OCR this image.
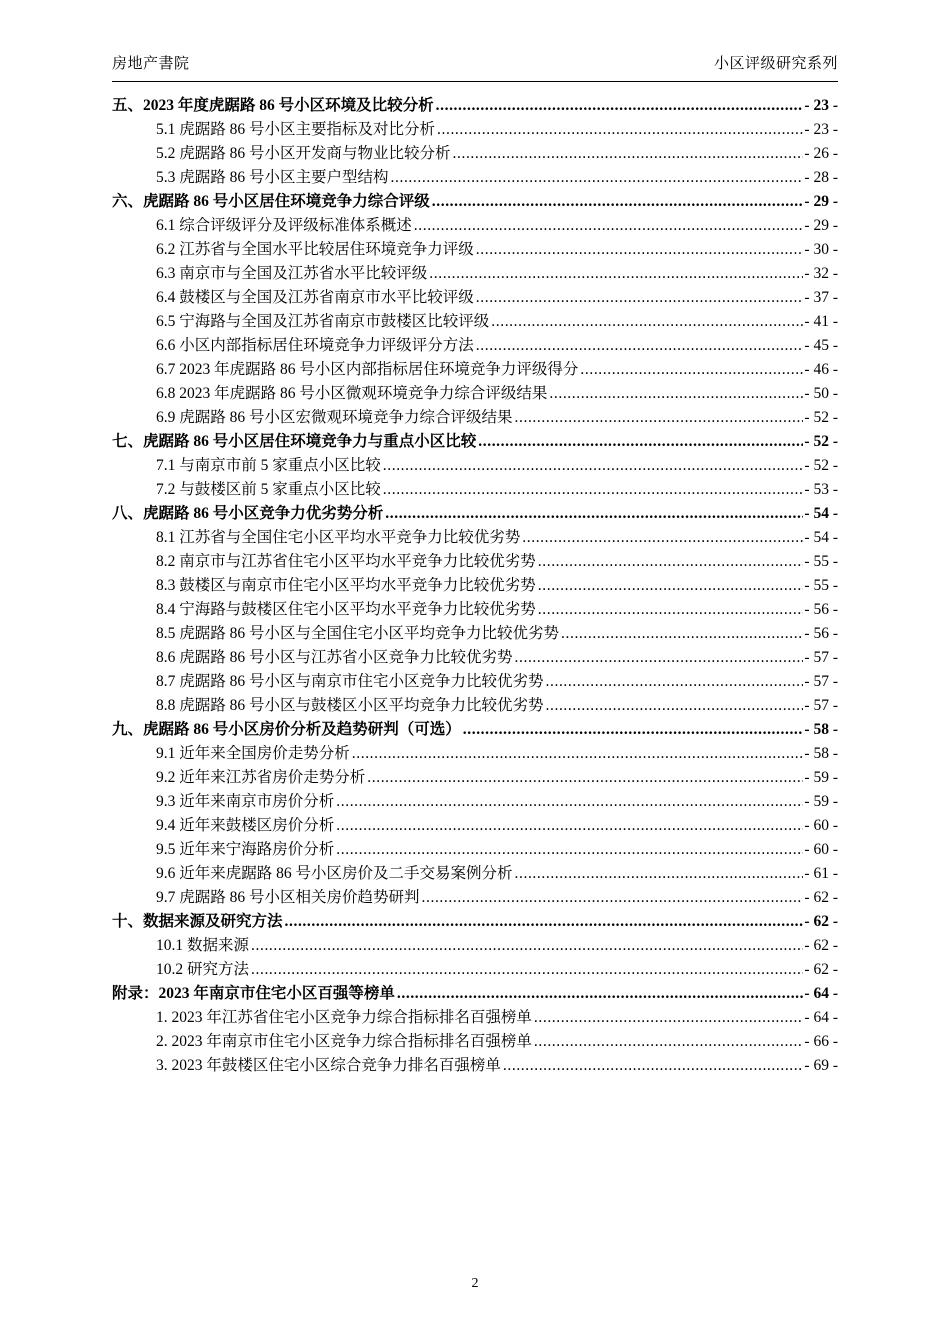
房地产書院	小区评级研究系列
五、2023 年度虎踞路 86 号小区环境及比较分析 .....	- 23 -
5.1 虎踞路 86 号小区主要指标及对比分析 .....	- 23 -
5.2 虎踞路 86 号小区开发商与物业比较分析 .....	- 26 -
5.3 虎踞路 86 号小区主要户型结构 .....	- 28 -
六、虎踞路 86 号小区居住环境竞争力综合评级 .....	- 29 -
6.1 综合评级评分及评级标准体系概述 .....	- 29 -
6.2 江苏省与全国水平比较居住环境竞争力评级 .....	- 30 -
6.3 南京市与全国及江苏省水平比较评级 .....	- 32 -
6.4 鼓楼区与全国及江苏省南京市水平比较评级 .....	- 37 -
6.5 宁海路与全国及江苏省南京市鼓楼区比较评级 .....	- 41 -
6.6 小区内部指标居住环境竞争力评级评分方法 .....	- 45 -
6.7 2023 年虎踞路 86 号小区内部指标居住环境竞争力评级得分 .....	- 46 -
6.8 2023 年虎踞路 86 号小区微观环境竞争力综合评级结果 .....	- 50 -
6.9 虎踞路 86 号小区宏微观环境竞争力综合评级结果 .....	- 52 -
七、虎踞路 86 号小区居住环境竞争力与重点小区比较 .....	- 52 -
7.1 与南京市前 5 家重点小区比较 .....	- 52 -
7.2 与鼓楼区前 5 家重点小区比较 .....	- 53 -
八、虎踞路 86 号小区竞争力优劣势分析 .....	- 54 -
8.1 江苏省与全国住宅小区平均水平竞争力比较优劣势 .....	- 54 -
8.2 南京市与江苏省住宅小区平均水平竞争力比较优劣势 .....	- 55 -
8.3 鼓楼区与南京市住宅小区平均水平竞争力比较优劣势 .....	- 55 -
8.4 宁海路与鼓楼区住宅小区平均水平竞争力比较优劣势 .....	- 56 -
8.5 虎踞路 86 号小区与全国住宅小区平均竞争力比较优劣势 .....	- 56 -
8.6 虎踞路 86 号小区与江苏省小区竞争力比较优劣势 .....	- 57 -
8.7 虎踞路 86 号小区与南京市住宅小区竞争力比较优劣势 .....	- 57 -
8.8 虎踞路 86 号小区与鼓楼区小区平均竞争力比较优劣势 .....	- 57 -
九、虎踞路 86 号小区房价分析及趋势研判（可选） .....	- 58 -
9.1 近年来全国房价走势分析 .....	- 58 -
9.2 近年来江苏省房价走势分析 .....	- 59 -
9.3 近年来南京市房价分析 .....	- 59 -
9.4 近年来鼓楼区房价分析 .....	- 60 -
9.5 近年来宁海路房价分析 .....	- 60 -
9.6 近年来虎踞路 86 号小区房价及二手交易案例分析 .....	- 61 -
9.7 虎踞路 86 号小区相关房价趋势研判 .....	- 62 -
十、数据来源及研究方法 .....	- 62 -
10.1 数据来源 .....	- 62 -
10.2 研究方法 .....	- 62 -
附录：2023 年南京市住宅小区百强等榜单 .....	- 64 -
1. 2023 年江苏省住宅小区竞争力综合指标排名百强榜单 .....	- 64 -
2. 2023 年南京市住宅小区竞争力综合指标排名百强榜单 .....	- 66 -
3. 2023 年鼓楼区住宅小区综合竞争力排名百强榜单 .....	- 69 -
2
